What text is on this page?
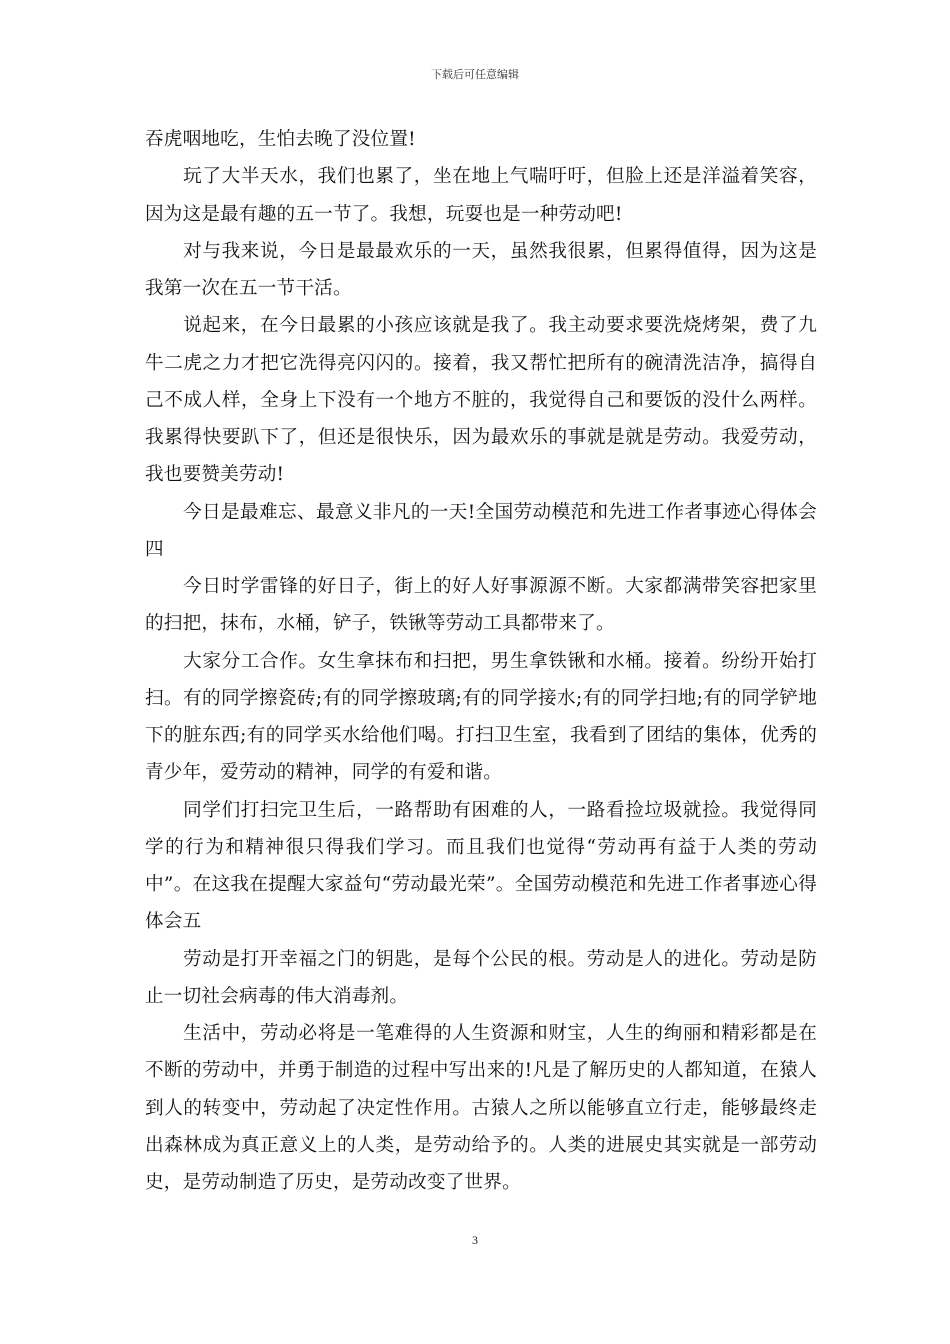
下载后可任意编辑

吞虎咽地吃，生怕去晚了没位置!

玩了大半天水，我们也累了，坐在地上气喘吁吁，但脸上还是洋溢着笑容，因为这是最有趣的五一节了。我想，玩耍也是一种劳动吧!

对与我来说，今日是最最欢乐的一天，虽然我很累，但累得值得，因为这是我第一次在五一节干活。

说起来，在今日最累的小孩应该就是我了。我主动要求要洗烧烤架，费了九牛二虎之力才把它洗得亮闪闪的。接着，我又帮忙把所有的碗清洗洁净，搞得自己不成人样，全身上下没有一个地方不脏的，我觉得自己和要饭的没什么两样。我累得快要趴下了，但还是很快乐，因为最欢乐的事就是就是劳动。我爱劳动，我也要赞美劳动!

今日是最难忘、最意义非凡的一天!全国劳动模范和先进工作者事迹心得体会四

今日时学雷锋的好日子，街上的好人好事源源不断。大家都满带笑容把家里的扫把，抹布，水桶，铲子，铁锹等劳动工具都带来了。

大家分工合作。女生拿抹布和扫把，男生拿铁锹和水桶。接着。纷纷开始打扫。有的同学擦瓷砖;有的同学擦玻璃;有的同学接水;有的同学扫地;有的同学铲地下的脏东西;有的同学买水给他们喝。打扫卫生室，我看到了团结的集体，优秀的青少年，爱劳动的精神，同学的有爱和谐。

同学们打扫完卫生后，一路帮助有困难的人，一路看捡垃圾就捡。我觉得同学的行为和精神很只得我们学习。而且我们也觉得“劳动再有益于人类的劳动中”。在这我在提醒大家益句“劳动最光荣”。全国劳动模范和先进工作者事迹心得体会五

劳动是打开幸福之门的钥匙，是每个公民的根。劳动是人的进化。劳动是防止一切社会病毒的伟大消毒剂。

生活中，劳动必将是一笔难得的人生资源和财宝，人生的绚丽和精彩都是在不断的劳动中，并勇于制造的过程中写出来的!凡是了解历史的人都知道，在猿人到人的转变中，劳动起了决定性作用。古猿人之所以能够直立行走，能够最终走出森林成为真正意义上的人类，是劳动给予的。人类的进展史其实就是一部劳动史，是劳动制造了历史，是劳动改变了世界。

3
